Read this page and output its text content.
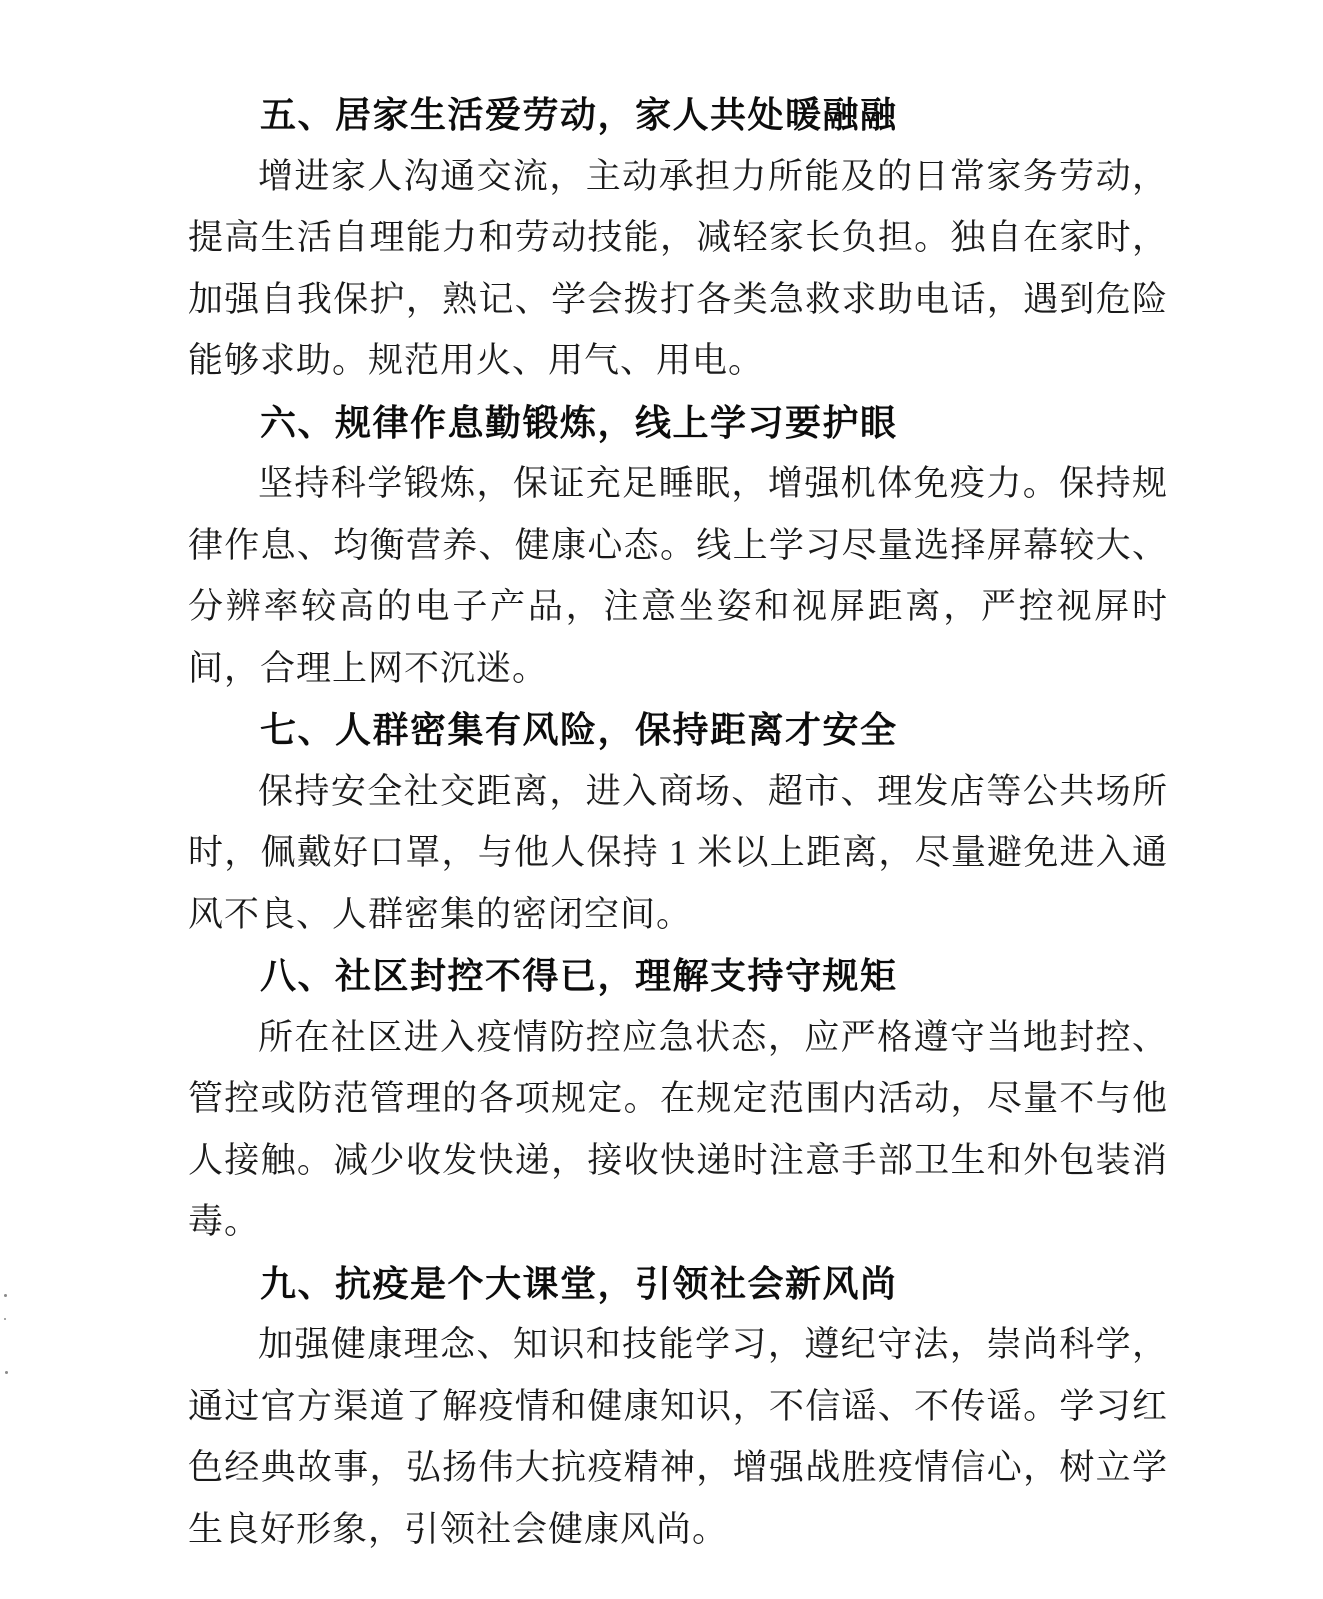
五、居家生活爱劳动，家人共处暖融融

增进家人沟通交流，主动承担力所能及的日常家务劳动，提高生活自理能力和劳动技能，减轻家长负担。独自在家时，加强自我保护，熟记、学会拨打各类急救求助电话，遇到危险能够求助。规范用火、用气、用电。

六、规律作息勤锻炼，线上学习要护眼

坚持科学锻炼，保证充足睡眠，增强机体免疫力。保持规律作息、均衡营养、健康心态。线上学习尽量选择屏幕较大、分辨率较高的电子产品，注意坐姿和视屏距离，严控视屏时间，合理上网不沉迷。

七、人群密集有风险，保持距离才安全

保持安全社交距离，进入商场、超市、理发店等公共场所时，佩戴好口罩，与他人保持 1 米以上距离，尽量避免进入通风不良、人群密集的密闭空间。

八、社区封控不得已，理解支持守规矩

所在社区进入疫情防控应急状态，应严格遵守当地封控、管控或防范管理的各项规定。在规定范围内活动，尽量不与他人接触。减少收发快递，接收快递时注意手部卫生和外包装消毒。

九、抗疫是个大课堂，引领社会新风尚

加强健康理念、知识和技能学习，遵纪守法，崇尚科学，通过官方渠道了解疫情和健康知识，不信谣、不传谣。学习红色经典故事，弘扬伟大抗疫精神，增强战胜疫情信心，树立学生良好形象，引领社会健康风尚。
